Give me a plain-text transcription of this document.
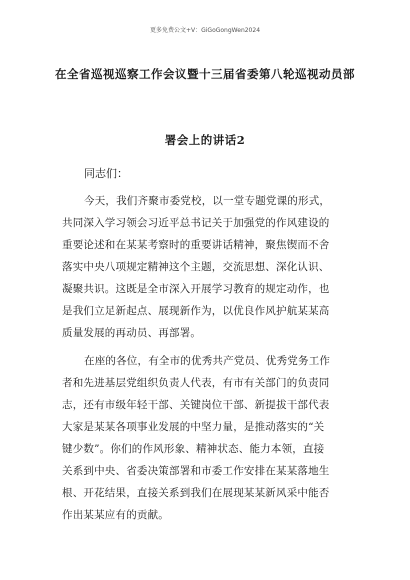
更多免费公文+V：GiGoGongWen2024
在全省巡视巡察工作会议暨十三届省委第八轮巡视动员部
署会上的讲话2
同志们：
今天，我们齐聚市委党校，以一堂专题党课的形式，
共同深入学习领会习近平总书记关于加强党的作风建设的
重要论述和在某某考察时的重要讲话精神，聚焦锲而不舍
落实中央八项规定精神这个主题，交流思想、深化认识、
凝聚共识。这既是全市深入开展学习教育的规定动作，也
是我们立足新起点、展现新作为，以优良作风护航某某高
质量发展的再动员、再部署。
在座的各位，有全市的优秀共产党员、优秀党务工作
者和先进基层党组织负责人代表，有市有关部门的负责同
志，还有市级年轻干部、关键岗位干部、新提拔干部代表
大家是某某各项事业发展的中坚力量，是推动落实的“关
键少数”。你们的作风形象、精神状态、能力本领，直接
关系到中央、省委决策部署和市委工作安排在某某落地生
根、开花结果，直接关系到我们在展现某某新风采中能否
作出某某应有的贡献。
